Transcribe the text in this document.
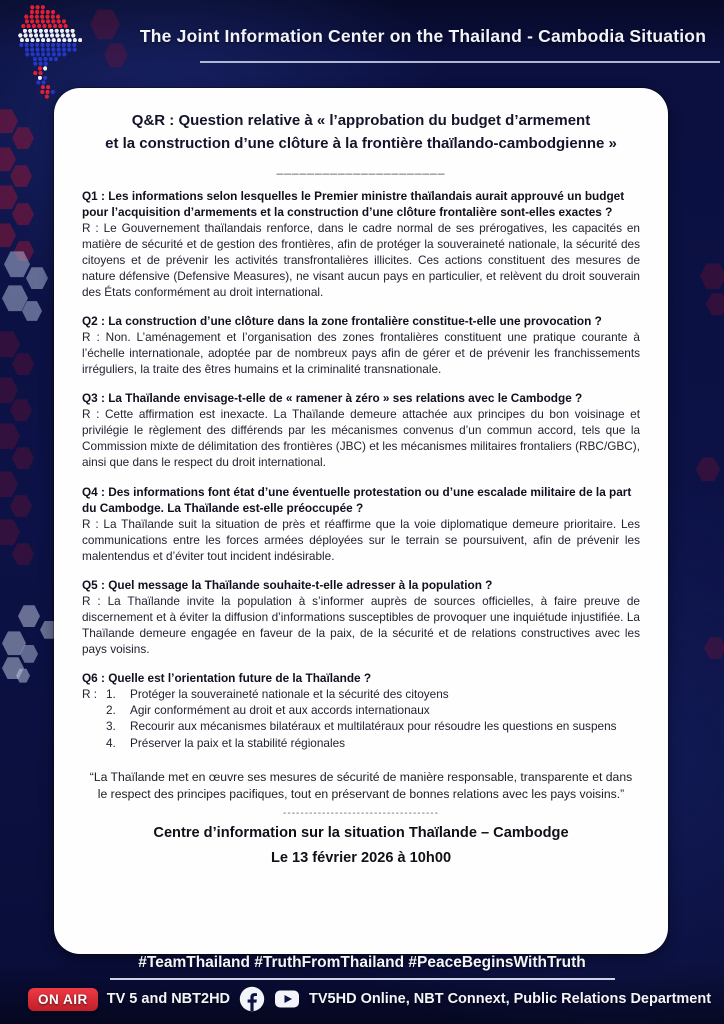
The Joint Information Center on the Thailand - Cambodia Situation
Q&R : Question relative à « l’approbation du budget d’armement
et la construction d’une clôture à la frontière thaïlando-cambodgienne »
______________________

Q1 : Les informations selon lesquelles le Premier ministre thaïlandais aurait approuvé un budget pour l’acquisition d’armements et la construction d’une clôture frontalière sont-elles exactes ?

R : Le Gouvernement thaïlandais renforce, dans le cadre normal de ses prérogatives, les capacités en matière de sécurité et de gestion des frontières, afin de protéger la souveraineté nationale, la sécurité des citoyens et de prévenir les activités transfrontalières illicites. Ces actions constituent des mesures de nature défensive (Defensive Measures), ne visant aucun pays en particulier, et relèvent du droit souverain des États conformément au droit international.

Q2 : La construction d’une clôture dans la zone frontalière constitue-t-elle une provocation ?

R : Non. L’aménagement et l’organisation des zones frontalières constituent une pratique courante à l’échelle internationale, adoptée par de nombreux pays afin de gérer et de prévenir les franchissements irréguliers, la traite des êtres humains et la criminalité transnationale.

Q3 : La Thaïlande envisage-t-elle de « ramener à zéro » ses relations avec le Cambodge ?

R : Cette affirmation est inexacte. La Thaïlande demeure attachée aux principes du bon voisinage et privilégie le règlement des différends par les mécanismes convenus d’un commun accord, tels que la Commission mixte de délimitation des frontières (JBC) et les mécanismes militaires frontaliers (RBC/GBC), ainsi que dans le respect du droit international.

Q4 : Des informations font état d’une éventuelle protestation ou d’une escalade militaire de la part du Cambodge. La Thaïlande est-elle préoccupée ?

R : La Thaïlande suit la situation de près et réaffirme que la voie diplomatique demeure prioritaire. Les communications entre les forces armées déployées sur le terrain se poursuivent, afin de prévenir les malentendus et d’éviter tout incident indésirable.

Q5 : Quel message la Thaïlande souhaite-t-elle adresser à la population ?

R : La Thaïlande invite la population à s’informer auprès de sources officielles, à faire preuve de discernement et à éviter la diffusion d’informations susceptibles de provoquer une inquiétude injustifiée. La Thaïlande demeure engagée en faveur de la paix, de la sécurité et de relations constructives avec les pays voisins.

Q6 : Quelle est l’orientation future de la Thaïlande ?

R : 1.	Protéger la souveraineté nationale et la sécurité des citoyens
2.	Agir conformément au droit et aux accords internationaux
3.	Recourir aux mécanismes bilatéraux et multilatéraux pour résoudre les questions en suspens
4.	Préserver la paix et la stabilité régionales

“La Thaïlande met en œuvre ses mesures de sécurité de manière responsable, transparente et dans le respect des principes pacifiques, tout en préservant de bonnes relations avec les pays voisins.”

------------------------------------

Centre d’information sur la situation Thaïlande – Cambodge

Le 13 février 2026 à 10h00

#TeamThailand #TruthFromThailand #PeaceBeginsWithTruth

ON AIR	TV 5 and NBT2HD	TV5HD Online, NBT Connext, Public Relations Department
